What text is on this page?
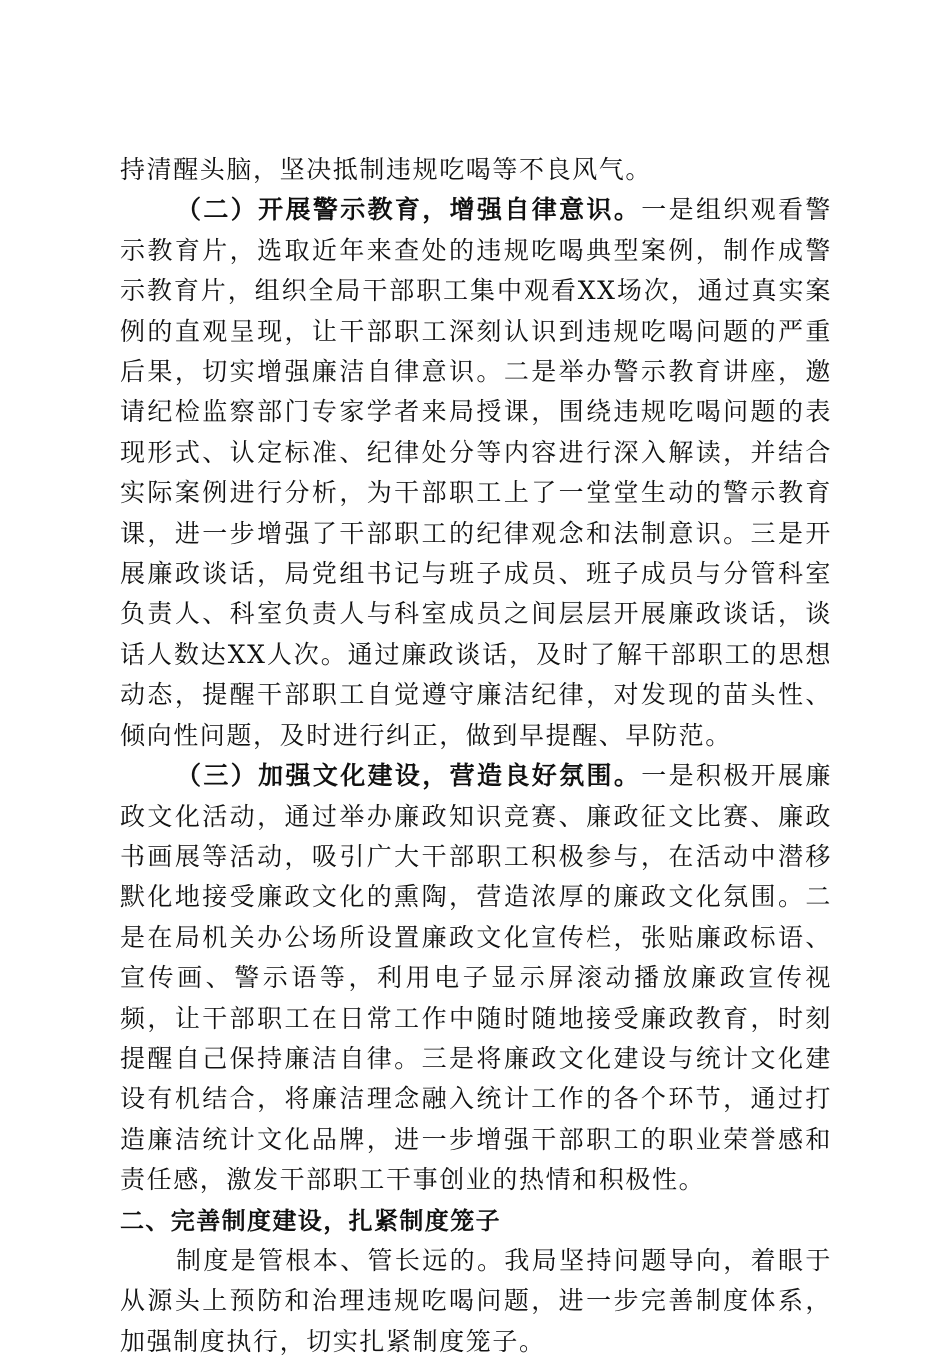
持清醒头脑，坚决抵制违规吃喝等不良风气。

（二）开展警示教育，增强自律意识。一是组织观看警示教育片，选取近年来查处的违规吃喝典型案例，制作成警示教育片，组织全局干部职工集中观看XX场次，通过真实案例的直观呈现，让干部职工深刻认识到违规吃喝问题的严重后果，切实增强廉洁自律意识。二是举办警示教育讲座，邀请纪检监察部门专家学者来局授课，围绕违规吃喝问题的表现形式、认定标准、纪律处分等内容进行深入解读，并结合实际案例进行分析，为干部职工上了一堂堂生动的警示教育课，进一步增强了干部职工的纪律观念和法制意识。三是开展廉政谈话，局党组书记与班子成员、班子成员与分管科室负责人、科室负责人与科室成员之间层层开展廉政谈话，谈话人数达XX人次。通过廉政谈话，及时了解干部职工的思想动态，提醒干部职工自觉遵守廉洁纪律，对发现的苗头性、倾向性问题，及时进行纠正，做到早提醒、早防范。

（三）加强文化建设，营造良好氛围。一是积极开展廉政文化活动，通过举办廉政知识竞赛、廉政征文比赛、廉政书画展等活动，吸引广大干部职工积极参与，在活动中潜移默化地接受廉政文化的熏陶，营造浓厚的廉政文化氛围。二是在局机关办公场所设置廉政文化宣传栏，张贴廉政标语、宣传画、警示语等，利用电子显示屏滚动播放廉政宣传视频，让干部职工在日常工作中随时随地接受廉政教育，时刻提醒自己保持廉洁自律。三是将廉政文化建设与统计文化建设有机结合，将廉洁理念融入统计工作的各个环节，通过打造廉洁统计文化品牌，进一步增强干部职工的职业荣誉感和责任感，激发干部职工干事创业的热情和积极性。

二、完善制度建设，扎紧制度笼子

制度是管根本、管长远的。我局坚持问题导向，着眼于从源头上预防和治理违规吃喝问题，进一步完善制度体系，加强制度执行，切实扎紧制度笼子。
